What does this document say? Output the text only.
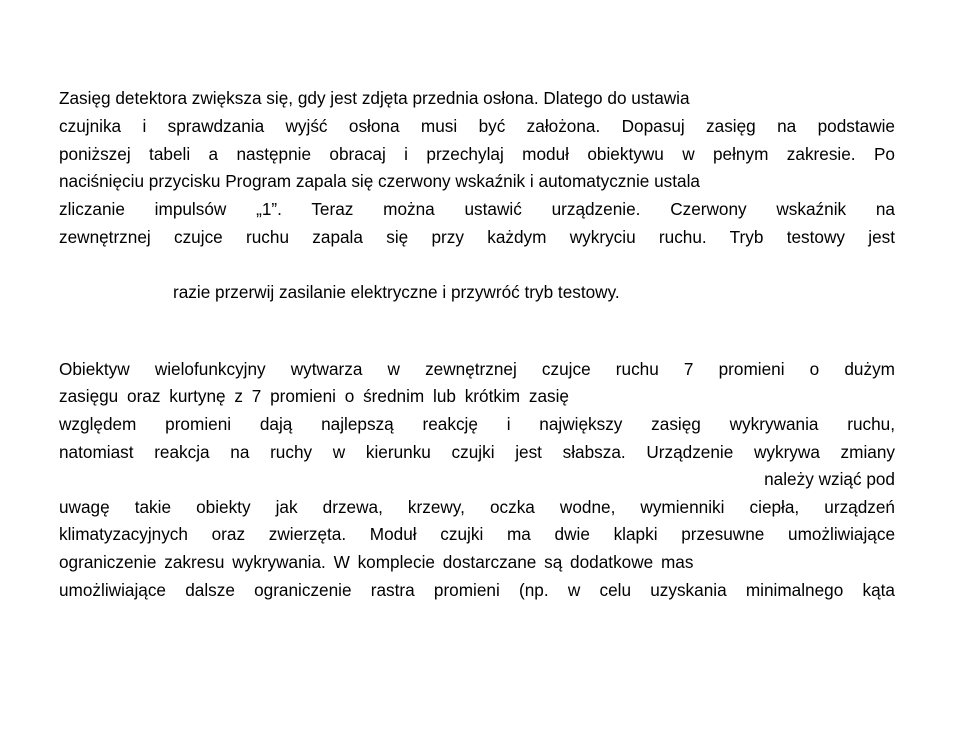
Zasięg detektora zwiększa się, gdy jest zdjęta przednia osłona. Dlatego do ustawia
czujnika i sprawdzania wyjść osłona musi być założona. Dopasuj zasięg na podstawie
poniższej tabeli a następnie obracaj i przechylaj moduł obiektywu w pełnym zakresie. Po
naciśnięciu przycisku Program zapala się czerwony wskaźnik i automatycznie ustala
zliczanie impulsów „1”. Teraz można ustawić urządzenie. Czerwony wskaźnik na
zewnętrznej czujce ruchu zapala się przy każdym wykryciu ruchu. Tryb testowy jest
razie przerwij zasilanie elektryczne i przywróć tryb testowy.
Obiektyw wielofunkcyjny wytwarza w zewnętrznej czujce ruchu 7 promieni o dużym
zasięgu oraz kurtynę z 7 promieni o średnim lub krótkim zasię
względem promieni dają najlepszą reakcję i największy zasięg wykrywania ruchu,
natomiast reakcja na ruchy w kierunku czujki jest słabsza. Urządzenie wykrywa zmiany
należy wziąć pod
uwagę takie obiekty jak drzewa, krzewy, oczka wodne, wymienniki ciepła, urządzeń
klimatyzacyjnych oraz zwierzęta. Moduł czujki ma dwie klapki przesuwne umożliwiające
ograniczenie zakresu wykrywania. W komplecie dostarczane są dodatkowe mas
umożliwiające dalsze ograniczenie rastra promieni (np. w celu uzyskania minimalnego kąta
